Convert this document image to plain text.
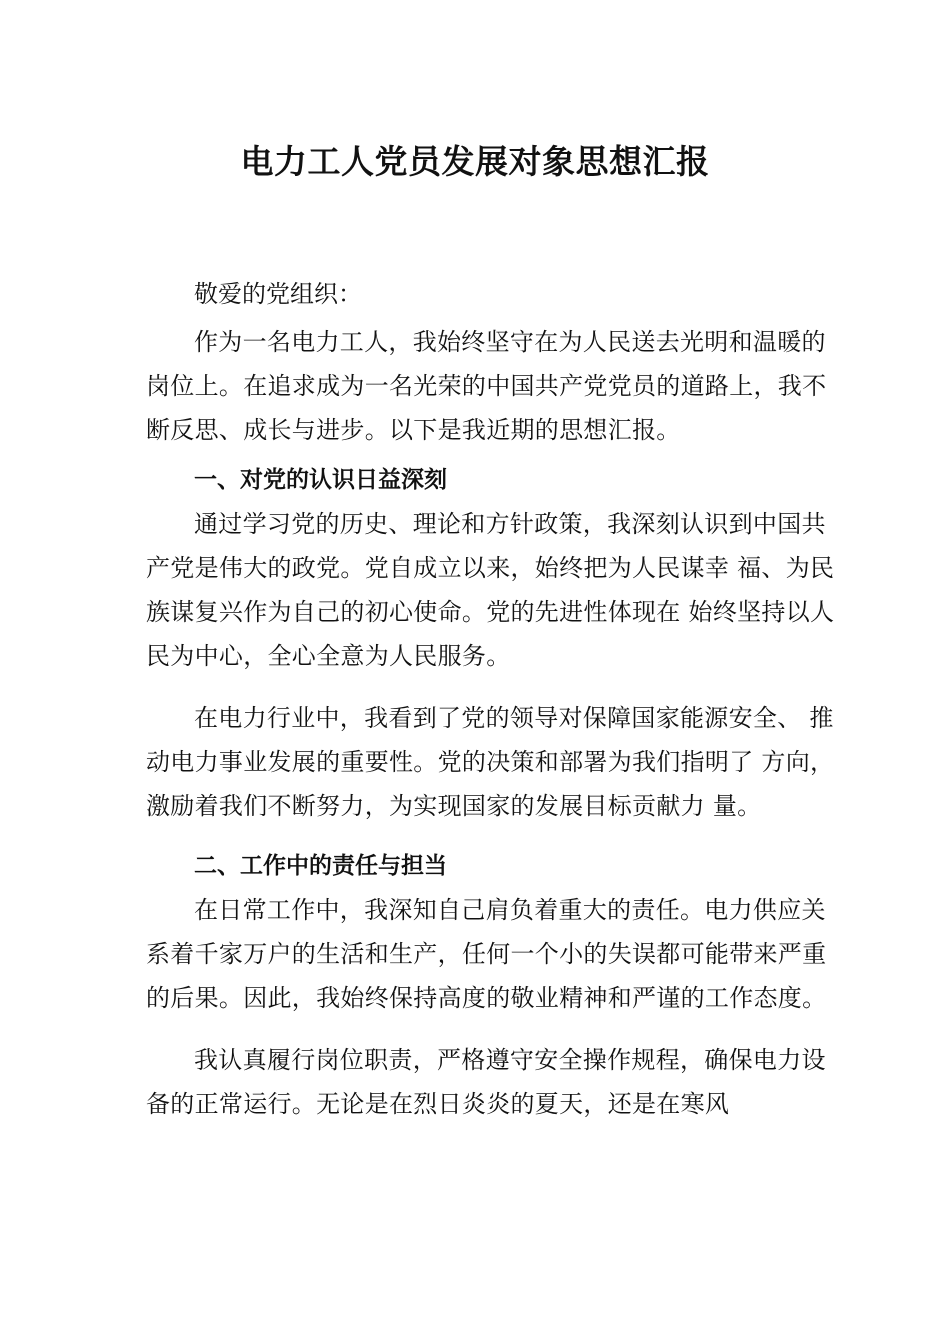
电力工人党员发展对象思想汇报

敬爱的党组织：

作为一名电力工人，我始终坚守在为人民送去光明和温暖的岗位上。在追求成为一名光荣的中国共产党党员的道路上，我不断反思、成长与进步。以下是我近期的思想汇报。

一、对党的认识日益深刻

通过学习党的历史、理论和方针政策，我深刻认识到中国共产党是伟大的政党。党自成立以来，始终把为人民谋幸 福、为民族谋复兴作为自己的初心使命。党的先进性体现在 始终坚持以人民为中心，全心全意为人民服务。

在电力行业中，我看到了党的领导对保障国家能源安全、 推动电力事业发展的重要性。党的决策和部署为我们指明了 方向，激励着我们不断努力，为实现国家的发展目标贡献力 量。

二、工作中的责任与担当

在日常工作中，我深知自己肩负着重大的责任。电力供应关系着千家万户的生活和生产，任何一个小的失误都可能带来严重的后果。因此，我始终保持高度的敬业精神和严谨的工作态度。

我认真履行岗位职责，严格遵守安全操作规程，确保电力设备的正常运行。无论是在烈日炎炎的夏天，还是在寒风
